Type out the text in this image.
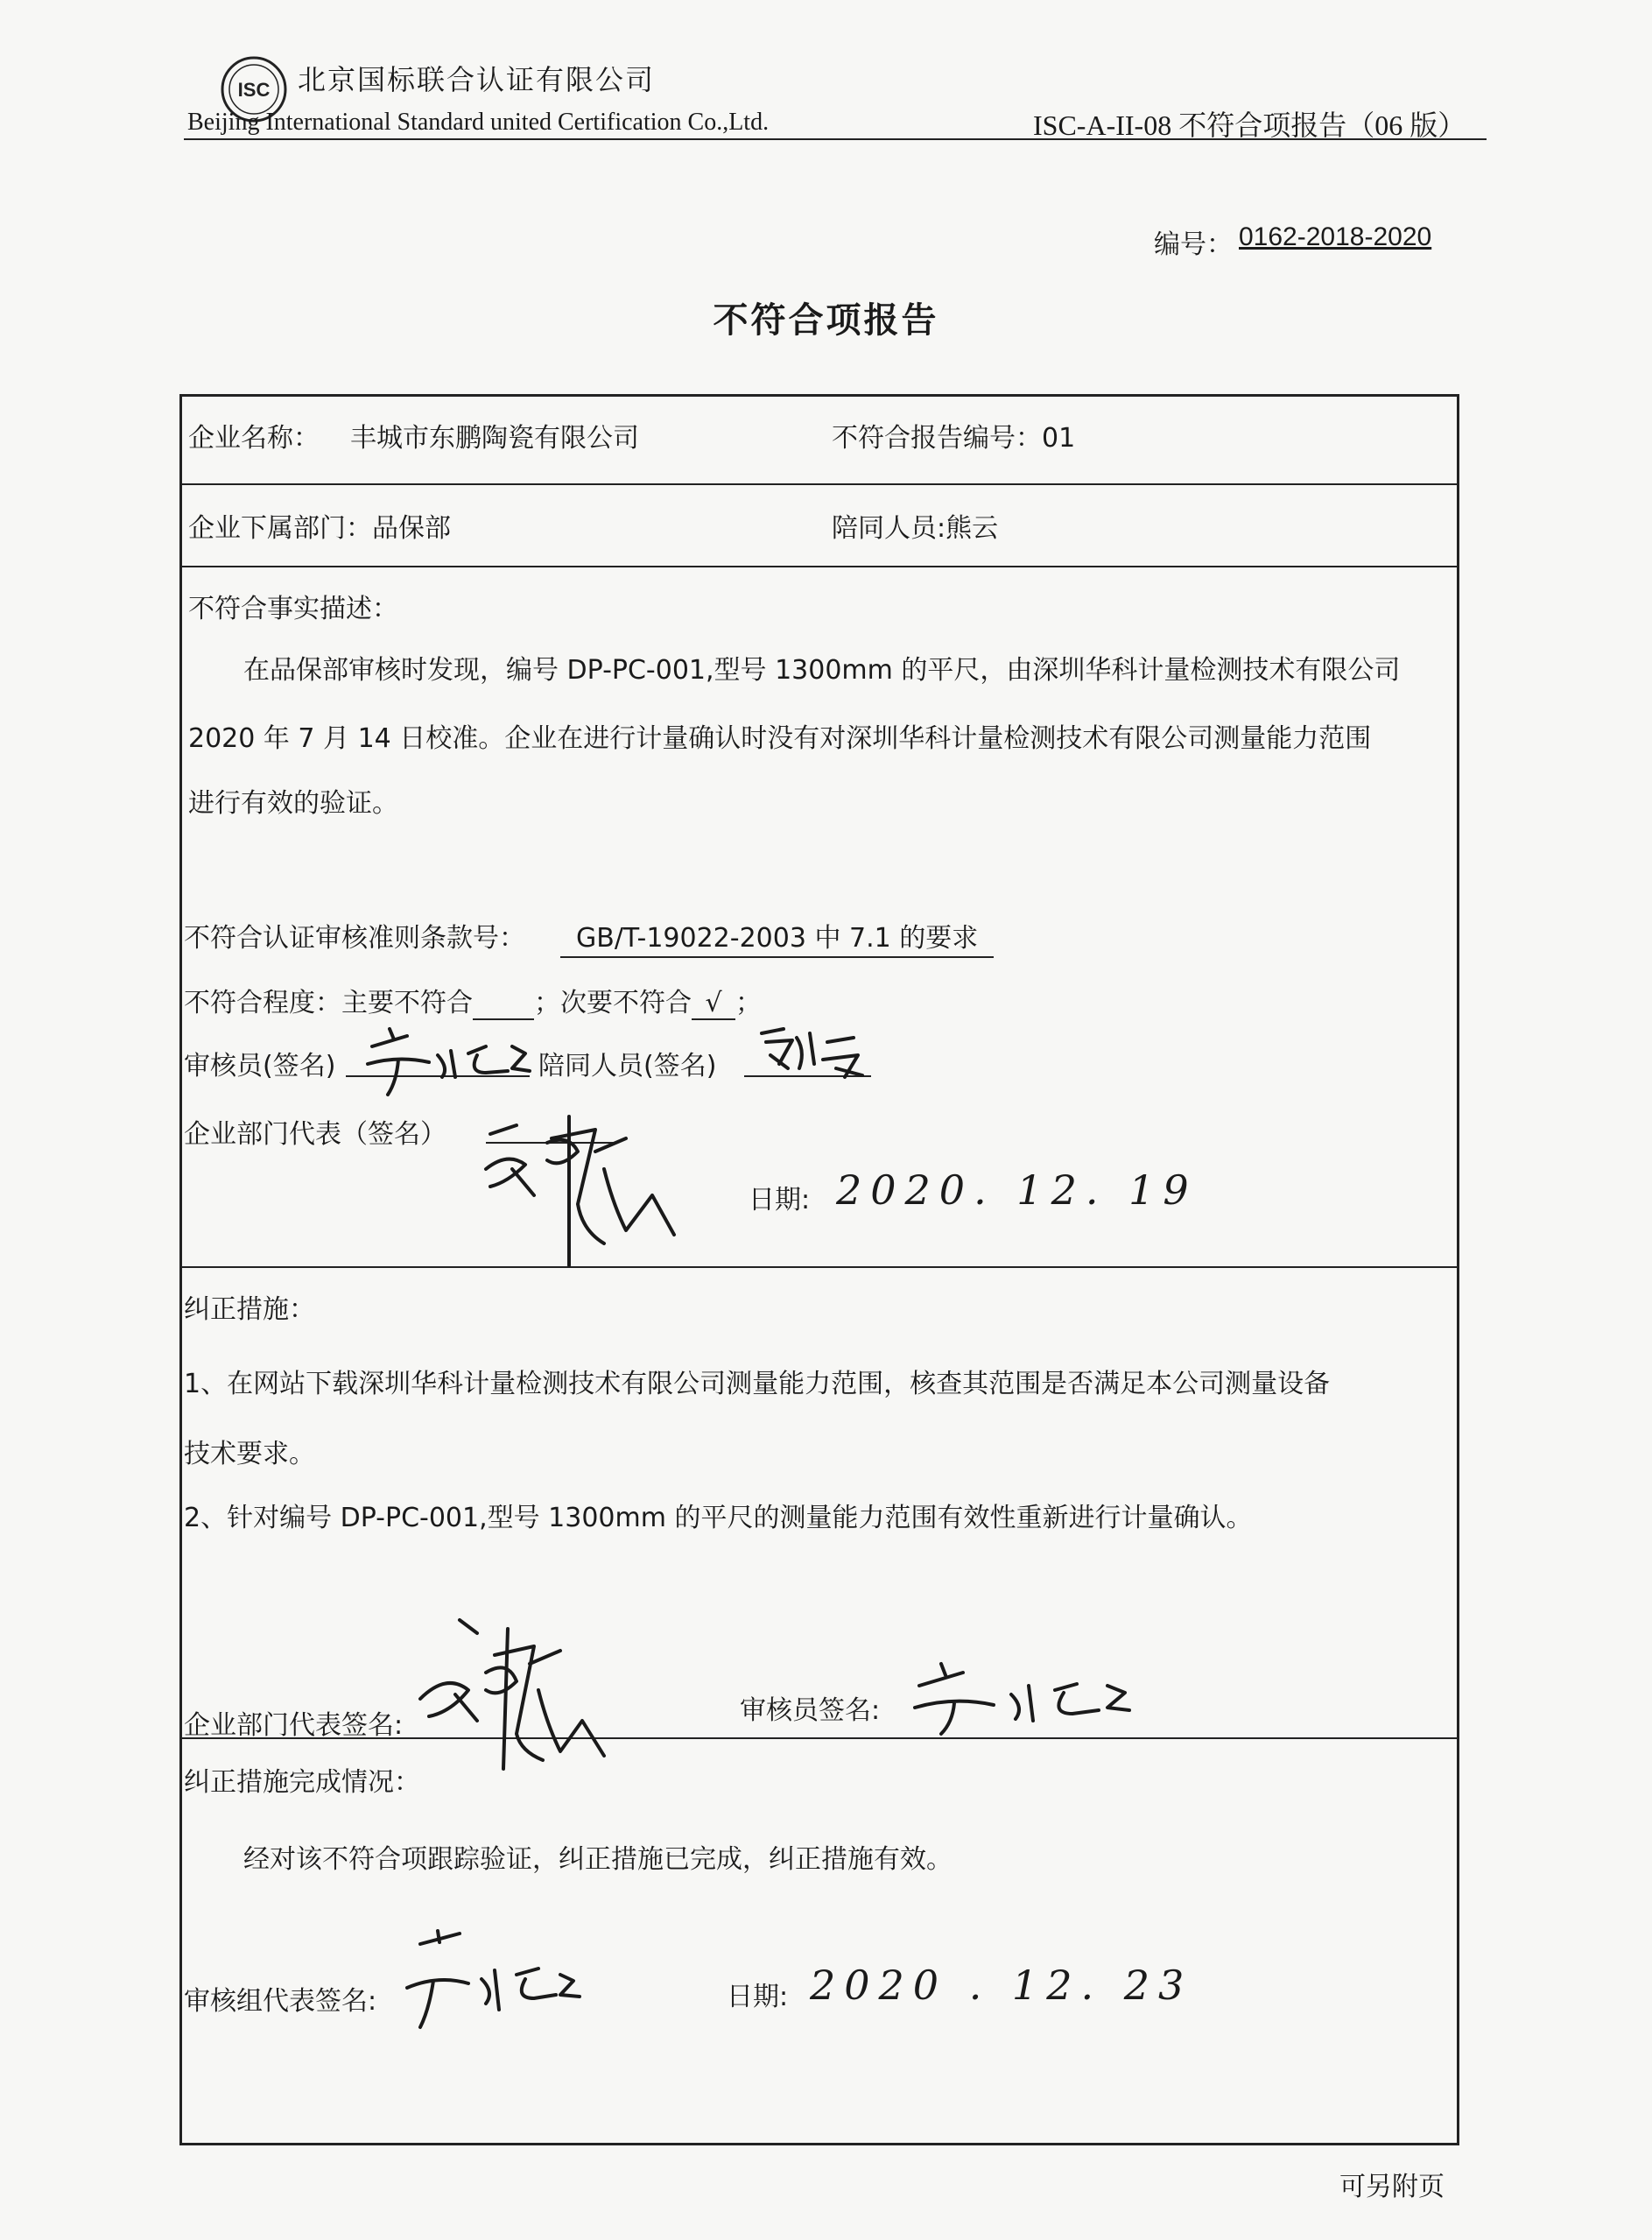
ISC 北京国标联合认证有限公司
Beijing International Standard united Certification Co.,Ltd.	ISC-A-II-08 不符合项报告（06 版）
编号： 0162-2018-2020
不符合项报告
企业名称： 丰城市东鹏陶瓷有限公司	不符合报告编号：01
企业下属部门：品保部	陪同人员:熊云
不符合事实描述：
在品保部审核时发现，编号 DP-PC-001,型号 1300mm 的平尺，由深圳华科计量检测技术有限公司
2020 年 7 月 14 日校准。企业在进行计量确认时没有对深圳华科计量检测技术有限公司测量能力范围
进行有效的验证。
不符合认证审核准则条款号：	GB/T-19022-2003 中 7.1 的要求
不符合程度：主要不符合 ；次要不符合 √ ；
审核员(签名)	陪同人员(签名)
企业部门代表（签名）
日期: 2020. 12. 19
纠正措施：
1、在网站下载深圳华科计量检测技术有限公司测量能力范围，核查其范围是否满足本公司测量设备
技术要求。
2、针对编号 DP-PC-001,型号 1300mm 的平尺的测量能力范围有效性重新进行计量确认。
企业部门代表签名:	审核员签名:
纠正措施完成情况：
经对该不符合项跟踪验证，纠正措施已完成，纠正措施有效。
审核组代表签名:	日期: 2020 . 12. 23
可另附页
